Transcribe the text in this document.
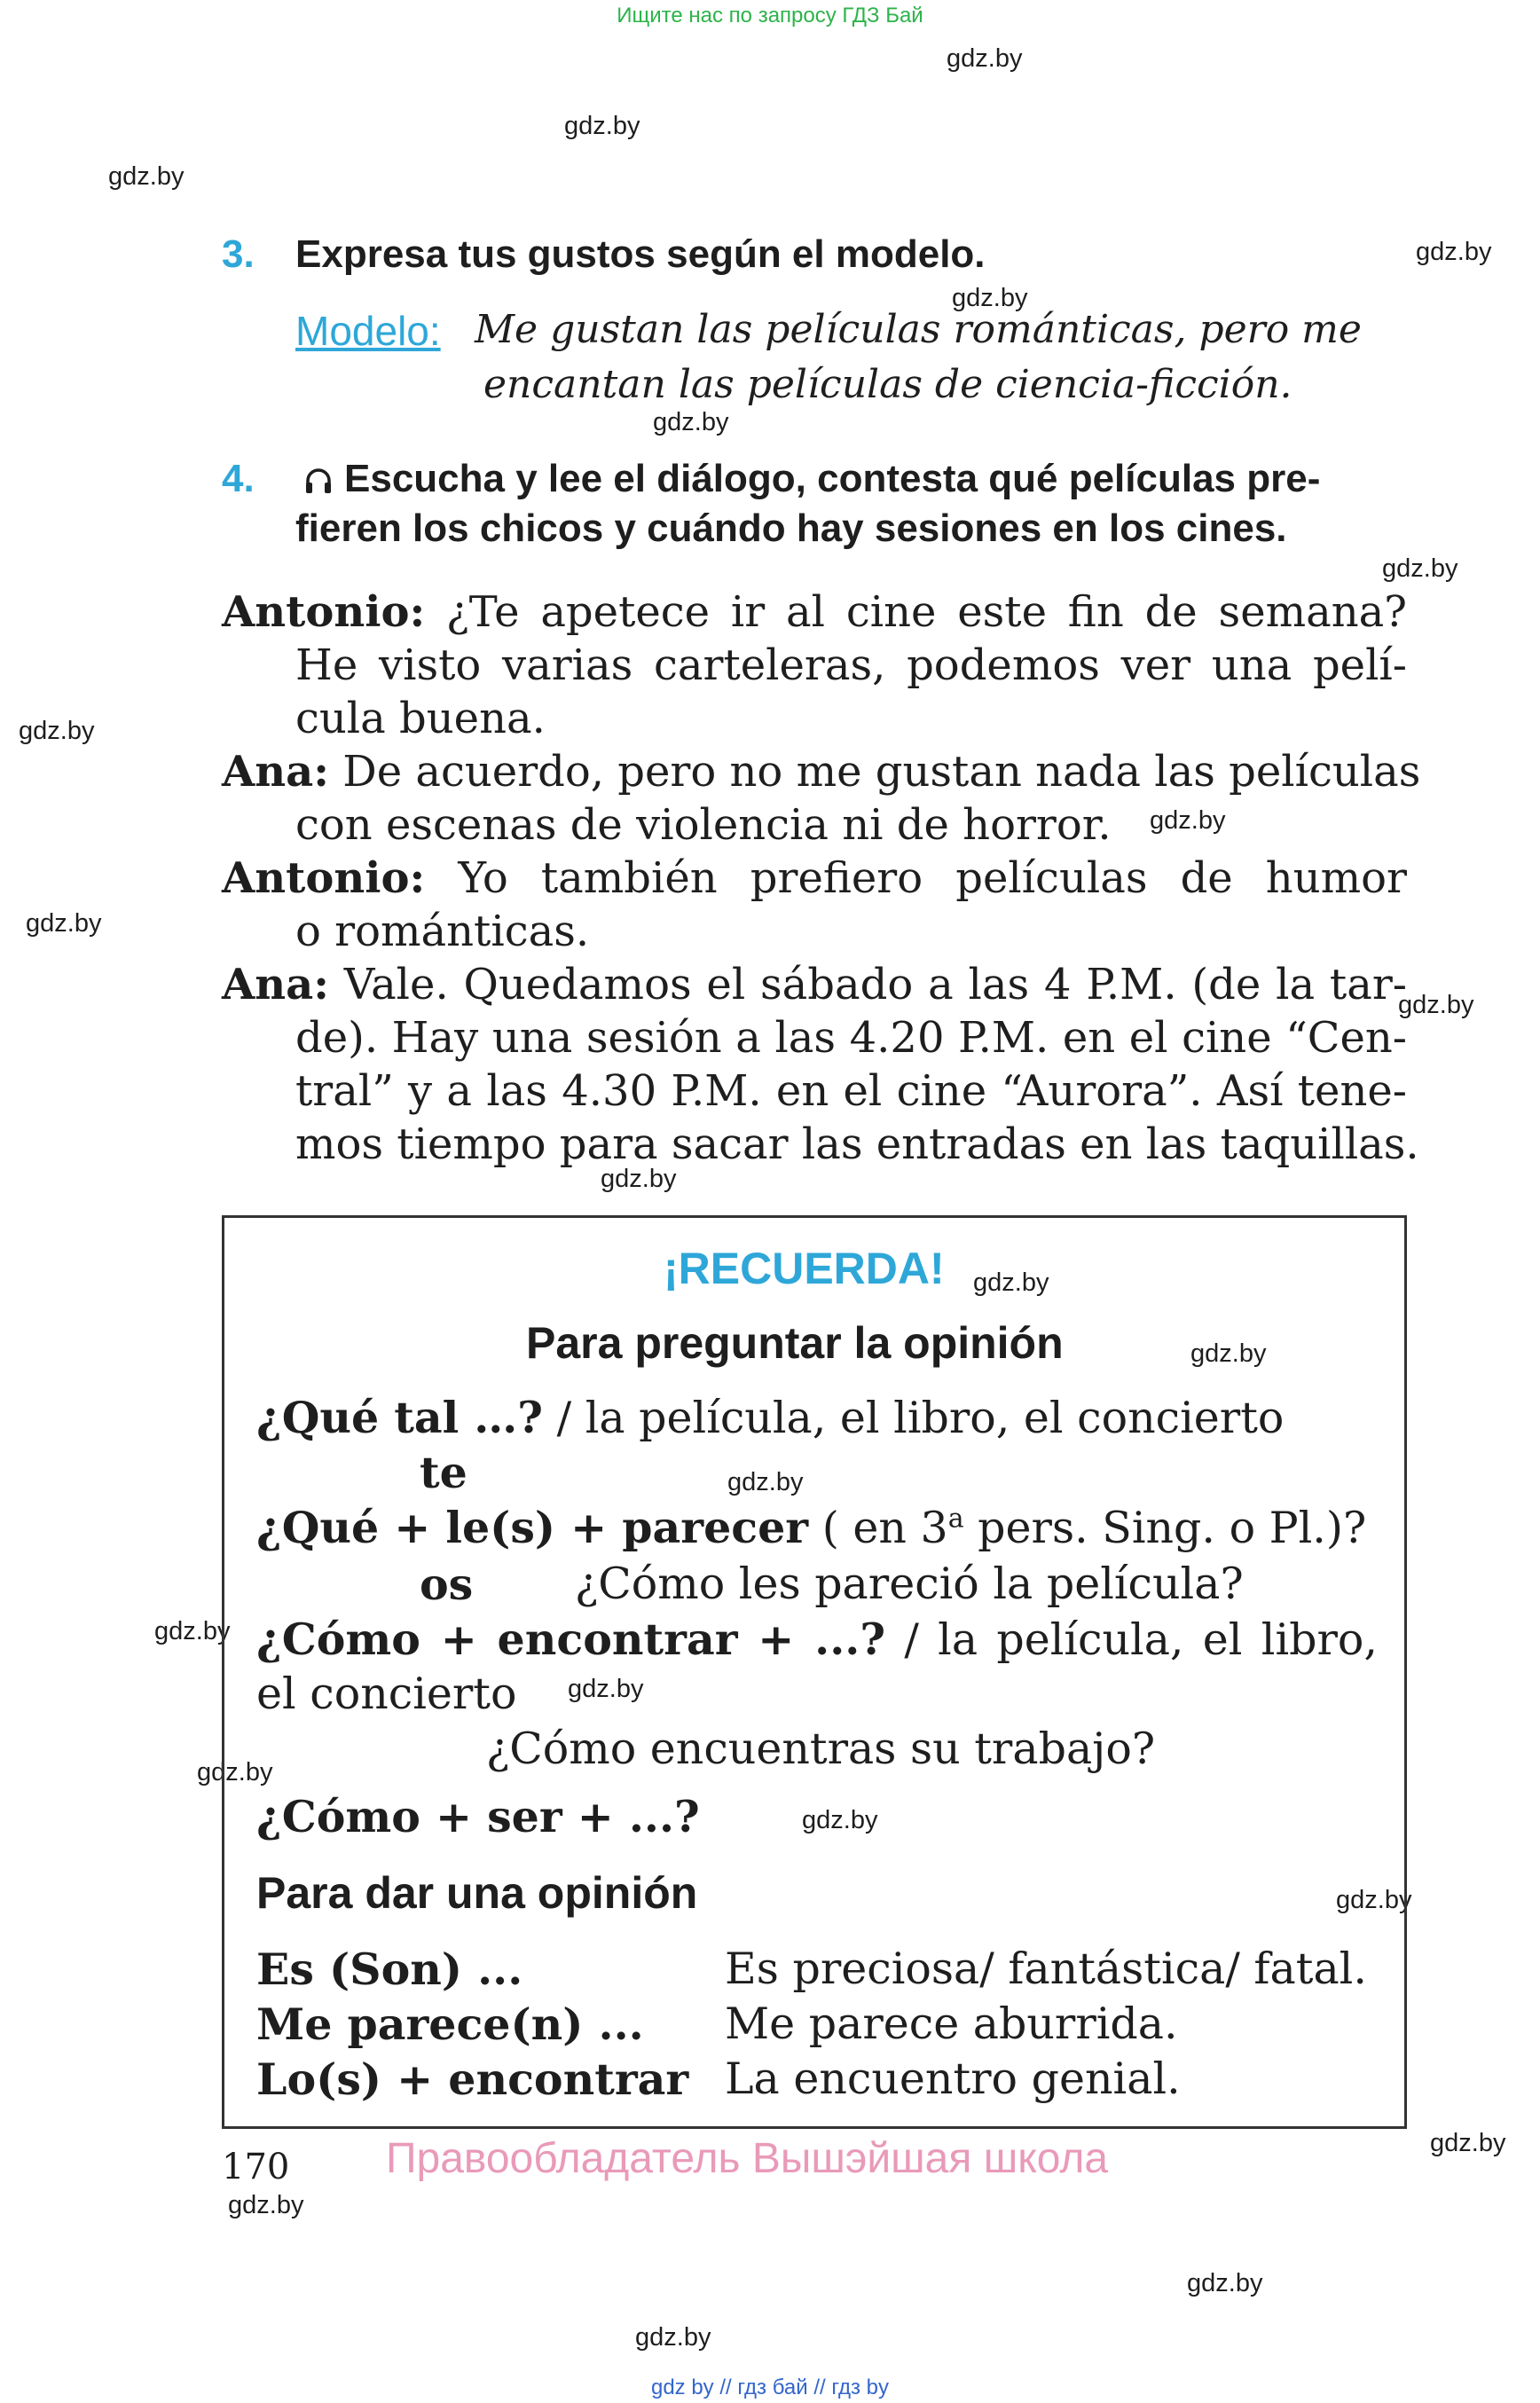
Ищите нас по запросу ГДЗ Бай
gdz.by
gdz.by
gdz.by
gdz.by
gdz.by
gdz.by
gdz.by
gdz.by
gdz.by
gdz.by
gdz.by
gdz.by
gdz.by
gdz.by
gdz.by
gdz.by
gdz.by
gdz.by
gdz.by
gdz.by
gdz.by
gdz.by
gdz.by
gdz.by
3. Expresa tus gustos según el modelo.
Modelo: Me gustan las películas románticas, pero me
encantan las películas de ciencia-ficción.
4. Escucha y lee el diálogo, contesta qué películas pre-
fieren los chicos y cuándo hay sesiones en los cines.
Antonio: ¿Te apetece ir al cine este fin de semana?
He visto varias carteleras, podemos ver una pelí-
cula buena.
Ana: De acuerdo, pero no me gustan nada las películas
con escenas de violencia ni de horror.
Antonio: Yo también prefiero películas de humor
o románticas.
Ana: Vale. Quedamos el sábado a las 4 P.M. (de la tar-
de). Hay una sesión a las 4.20 P.M. en el cine “Cen-
tral” y a las 4.30 P.M. en el cine “Aurora”. Así tene-
mos tiempo para sacar las entradas en las taquillas.
¡RECUERDA!
Para preguntar la opinión
¿Qué tal …? / la película, el libro, el concierto
te
¿Qué + le(s) + parecer ( en 3$^a$ pers. Sing. o Pl.)?
os ¿Cómo les pareció la película?
¿Cómo + encontrar + ...? / la película, el libro,
el concierto
¿Cómo encuentras su trabajo?
¿Cómo + ser + ...?
Para dar una opinión
Es (Son) ...	Es preciosa/ fantástica/ fatal.
Me parece(n) ... Me parece aburrida.
Lo(s) + encontrar La encuentro genial.
170 Правообладатель Вышэйшая школа
gdz by // гдз бай // гдз by
